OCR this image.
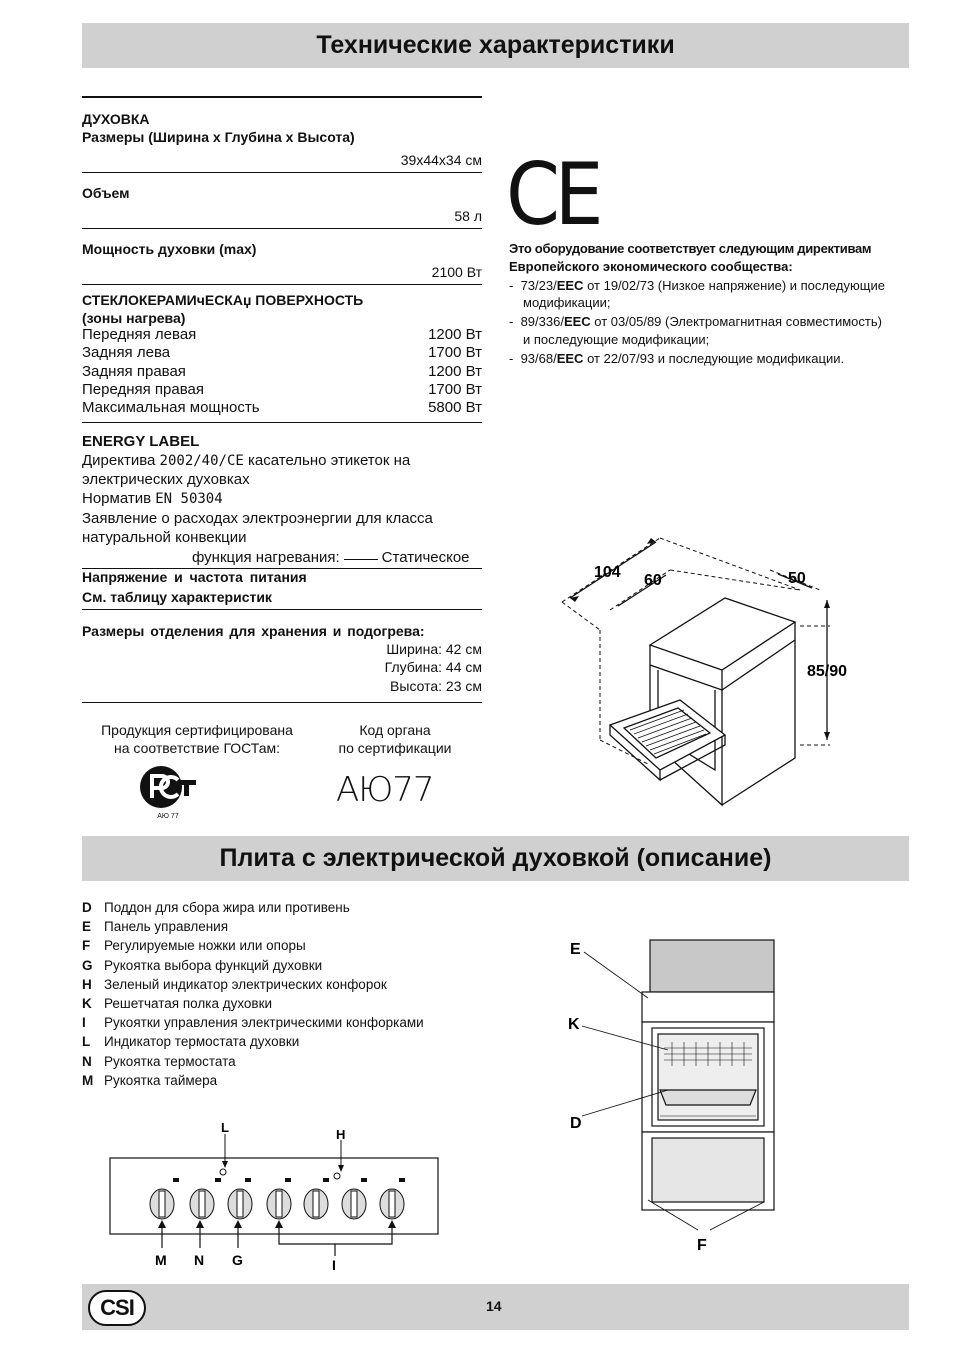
Технические характеристики
ДУХОВКА
Размеры (Ширина х Глубина х Высота)
39x44x34 см
Объем
58 л
Мощность духовки (max)
2100 Вт
СТЕКЛОКЕРАМИчЕСКАџ ПОВЕРХНОСТЬ
(зоны нагрева)
Передняя левая	1200 Вт
Задняя лева	1700 Вт
Задняя правая	1200 Вт
Передняя правая	1700 Вт
Максимальная мощность	5800 Вт
ENERGY LABEL
Директива 2002/40/CE касательно этикеток на
электрических духовках
Норматив EN 50304
Заявление о расходах электроэнергии для класса
натуральной конвекции
функция нагревания:	Статическое
Напряжение и частота питания
См. таблицу характеристик
Размеры отделения для хранения и подогрева:
Ширина: 42 см
Глубина: 44 см
Высота: 23 см
Продукция сертифицирована
на соответствие ГОСТам:
Код органа
по сертификации
АЮ 77
АЮ77
CE
Это оборудование соответствует следующим директивам
Европейского экономического сообщества:
-  73/23/EEC от 19/02/73 (Низкое напряжение) и последующие
модификации;
-  89/336/EEC от 03/05/89 (Электромагнитная совместимость)
и последующие модификации;
-  93/68/EEC от 22/07/93 и последующие модификации.
104 60	50
85/90
Плита с электрической духовкой (описание)
D Поддон для сбора жира или противень
E Панель управления
F Регулируемые ножки или опоры
G Рукоятка выбора функций духовки
H Зеленый индикатор электрических конфорок
K Решетчатая полка духовки
I Рукоятки управления электрическими конфорками
L Индикатор термостата духовки
N Рукоятка термостата
M Рукоятка таймера
L	H
M N G	I
E
K
D
F
CSI	14
